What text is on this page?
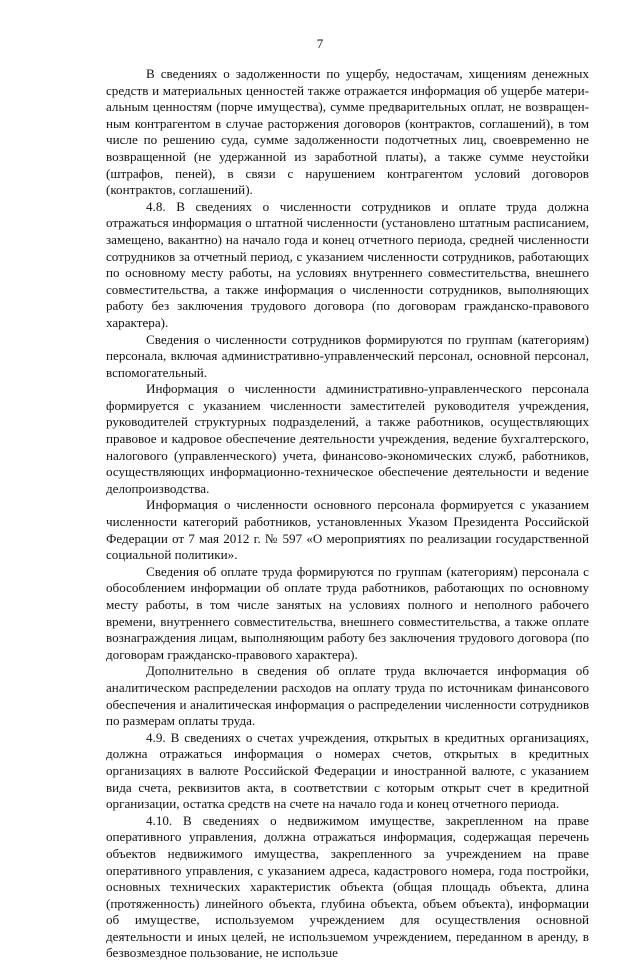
7

В сведениях о задолженности по ущербу, недостачам, хищениям денежных средств и материальных ценностей также отражается информация об ущербе материальным ценностям (порче имущества), сумме предварительных оплат, не возвращенным контрагентом в случае расторжения договоров (контрактов, соглашений), в том числе по решению суда, сумме задолженности подотчетных лиц, своевременно не возвращенной (не удержанной из заработной платы), а также сумме неустойки (штрафов, пеней), в связи с нарушением контрагентом условий договоров (контрактов, соглашений).

4.8. В сведениях о численности сотрудников и оплате труда должна отражаться информация о штатной численности (установлено штатным расписанием, замещено, вакантно) на начало года и конец отчетного периода, средней численности сотрудников за отчетный период, с указанием численности сотрудников, работающих по основному месту работы, на условиях внутреннего совместительства, внешнего совместительства, а также информация о численности сотрудников, выполняющих работу без заключения трудового договора (по договорам гражданско-правового характера).

Сведения о численности сотрудников формируются по группам (категориям) персонала, включая административно-управленческий персонал, основной персонал, вспомогательный.

Информация о численности административно-управленческого персонала формируется с указанием численности заместителей руководителя учреждения, руководителей структурных подразделений, а также работников, осуществляющих правовое и кадровое обеспечение деятельности учреждения, ведение бухгалтерского, налогового (управленческого) учета, финансово-экономических служб, работников, осуществляющих информационно-техническое обеспечение деятельности и ведение делопроизводства.

Информация о численности основного персонала формируется с указанием численности категорий работников, установленных Указом Президента Российской Федерации от 7 мая 2012 г. № 597 «О мероприятиях по реализации государственной социальной политики».

Сведения об оплате труда формируются по группам (категориям) персонала с обособлением информации об оплате труда работников, работающих по основному месту работы, в том числе занятых на условиях полного и неполного рабочего времени, внутреннего совместительства, внешнего совместительства, а также оплате вознаграждения лицам, выполняющим работу без заключения трудового договора (по договорам гражданско-правового характера).

Дополнительно в сведения об оплате труда включается информация об аналитическом распределении расходов на оплату труда по источникам финансового обеспечения и аналитическая информация о распределении численности сотрудников по размерам оплаты труда.

4.9. В сведениях о счетах учреждения, открытых в кредитных организациях, должна отражаться информация о номерах счетов, открытых в кредитных организациях в валюте Российской Федерации и иностранной валюте, с указанием вида счета, реквизитов акта, в соответствии с которым открыт счет в кредитной организации, остатка средств на счете на начало года и конец отчетного периода.

4.10. В сведениях о недвижимом имуществе, закрепленном на праве оперативного управления, должна отражаться информация, содержащая перечень объектов недвижимого имущества, закрепленного за учреждением на праве оперативного управления, с указанием адреса, кадастрового номера, года постройки, основных технических характеристик объекта (общая площадь объекта, длина (протяженность) линейного объекта, глубина объекта, объем объекта), информации об имуществе, используемом учреждением для осуществления основной деятельности и иных целей, не использueмом учреждением, переданном в аренду, в безвозмездное пользование, не использue
